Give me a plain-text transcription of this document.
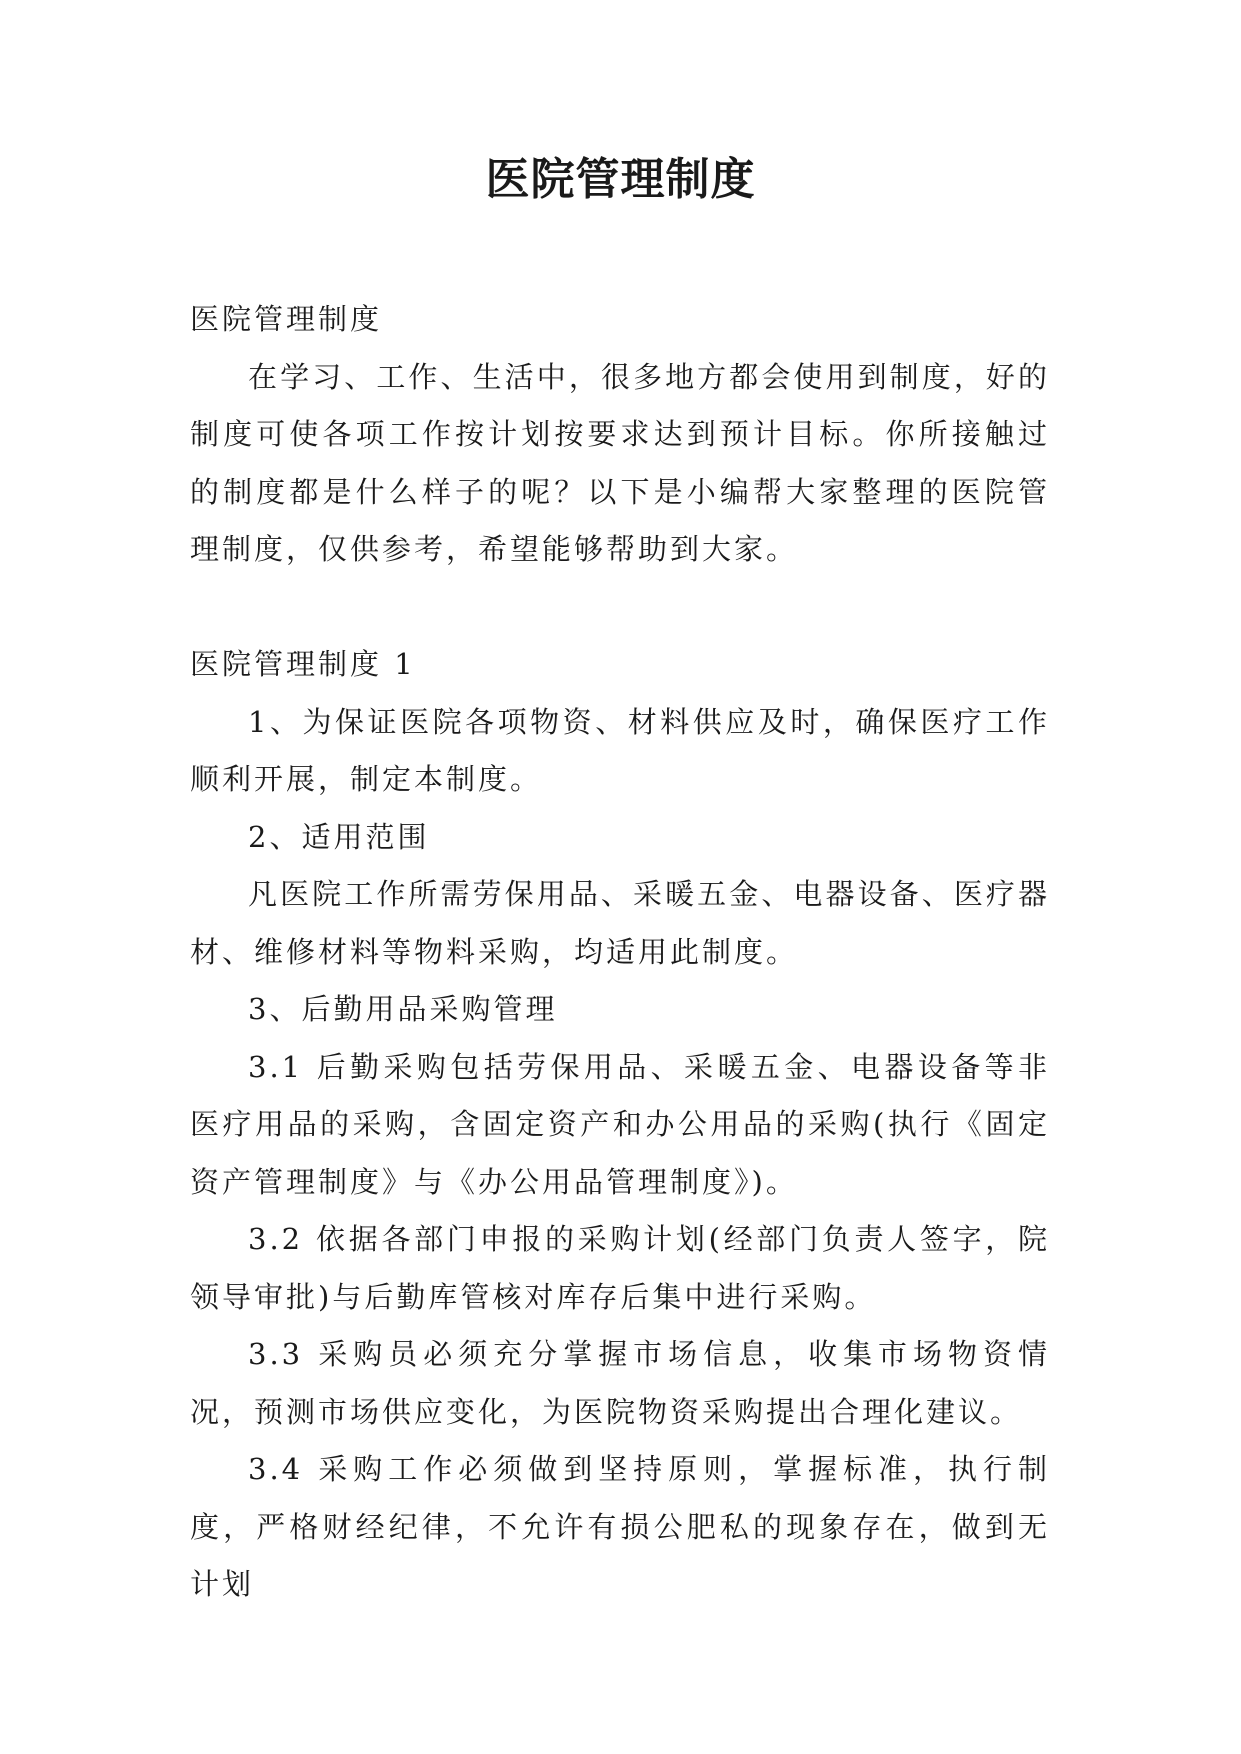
医院管理制度

医院管理制度

在学习、工作、生活中，很多地方都会使用到制度，好的制度可使各项工作按计划按要求达到预计目标。你所接触过的制度都是什么样子的呢？以下是小编帮大家整理的医院管理制度，仅供参考，希望能够帮助到大家。

医院管理制度 1

1、为保证医院各项物资、材料供应及时，确保医疗工作顺利开展，制定本制度。

2、适用范围

凡医院工作所需劳保用品、采暖五金、电器设备、医疗器材、维修材料等物料采购，均适用此制度。

3、后勤用品采购管理

3.1 后勤采购包括劳保用品、采暖五金、电器设备等非医疗用品的采购，含固定资产和办公用品的采购(执行《固定资产管理制度》与《办公用品管理制度》)。

3.2 依据各部门申报的采购计划(经部门负责人签字，院领导审批)与后勤库管核对库存后集中进行采购。

3.3 采购员必须充分掌握市场信息，收集市场物资情况，预测市场供应变化，为医院物资采购提出合理化建议。

3.4 采购工作必须做到坚持原则，掌握标准，执行制度，严格财经纪律，不允许有损公肥私的现象存在，做到无计划
